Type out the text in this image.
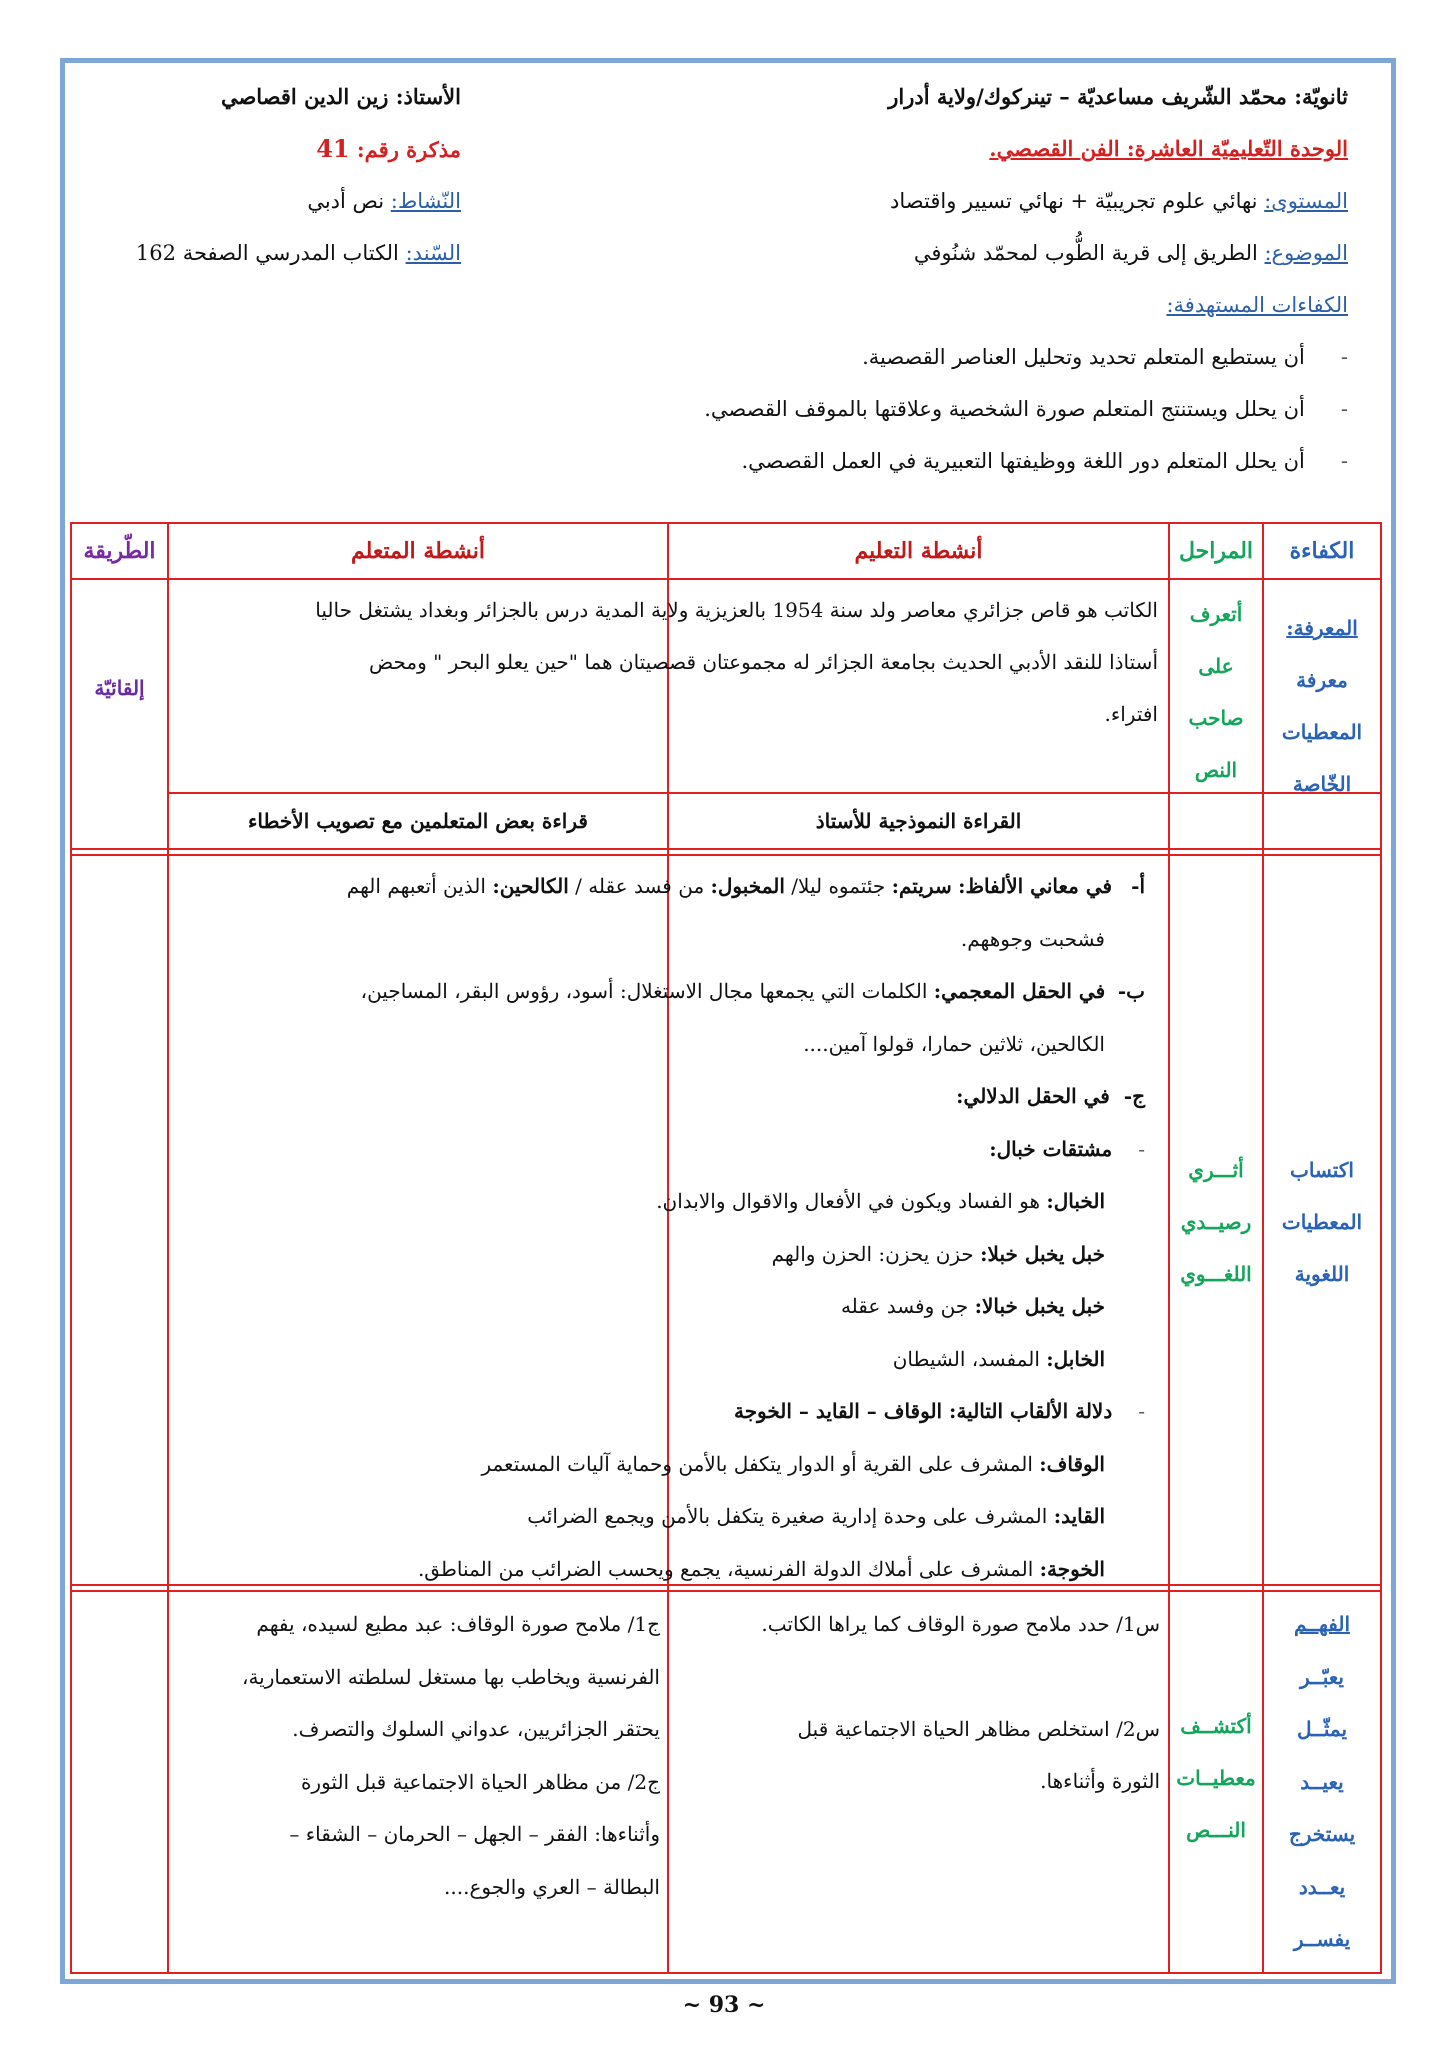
ثانويّة: محمّد الشّريف مساعديّة – تينركوك/ولاية أدرار
الأستاذ: زين الدين اقصاصي
الوحدة التّعليميّة العاشرة: الفن القصصي.
مذكرة رقم: 41
المستوى: نهائي علوم تجريبيّة + نهائي تسيير واقتصاد
النّشاط: نص أدبي
الموضوع: الطريق إلى قرية الطُّوب لمحمّد شنُوفي
السّند: الكتاب المدرسي الصفحة 162
الكفاءات المستهدفة:
-أن يستطيع المتعلم تحديد وتحليل العناصر القصصية.
-أن يحلل ويستنتج المتعلم صورة الشخصية وعلاقتها بالموقف القصصي.
-أن يحلل المتعلم دور اللغة ووظيفتها التعبيرية في العمل القصصي.
الكفاءة
المراحل
أنشطة التعليم
أنشطة المتعلم
الطّريقة
المعرفة:
معرفة
المعطيات
الخّاصة
أتعرف
على
صاحب
النص
الكاتب هو قاص جزائري معاصر ولد سنة 1954 بالعزيزية ولاية المدية درس بالجزائر وبغداد يشتغل حاليا
أستاذا للنقد الأدبي الحديث بجامعة الجزائر له مجموعتان قصصيتان هما "حين يعلو البحر " ومحض
افتراء.
إلقائيّة
القراءة النموذجية للأستاذ
قراءة بعض المتعلمين مع تصويب الأخطاء
اكتساب
المعطيات
اللغوية
أثـــري
رصيــدي
اللغـــوي
أ-   في معاني الألفاظ: سريتم: جئتموه ليلا/ المخبول: من فسد عقله / الكالحين: الذين أتعبهم الهم
فشحبت وجوههم.
ب-  في الحقل المعجمي: الكلمات التي يجمعها مجال الاستغلال: أسود، رؤوس البقر، المساجين،
الكالحين، ثلاثين حمارا، قولوا آمين....
ج-  في الحقل الدلالي:
-مشتقات خبال:
الخبال: هو الفساد ويكون في الأفعال والاقوال والابدان.
خبل يخبل خبلا: حزن يحزن: الحزن والهم
خبل يخبل خبالا: جن وفسد عقله
الخابل: المفسد، الشيطان
-دلالة الألقاب التالية: الوقاف – القايد – الخوجة
الوقاف: المشرف على القرية أو الدوار يتكفل بالأمن وحماية آليات المستعمر
القايد: المشرف على وحدة إدارية صغيرة يتكفل بالأمن ويجمع الضرائب
الخوجة: المشرف على أملاك الدولة الفرنسية، يجمع ويحسب الضرائب من المناطق.
الفهــم
يعبّــر
يمثّــل
يعيــد
يستخرج
يعــدد
يفســر
أكتشــف
معطيــات
النـــص
س1/ حدد ملامح صورة الوقاف كما يراها الكاتب.
س2/ استخلص مظاهر الحياة الاجتماعية قبل
الثورة وأثناءها.
ج1/ ملامح صورة الوقاف: عبد مطيع لسيده، يفهم
الفرنسية ويخاطب بها مستغل لسلطته الاستعمارية،
يحتقر الجزائريين، عدواني السلوك والتصرف.
ج2/ من مظاهر الحياة الاجتماعية قبل الثورة
وأثناءها: الفقر – الجهل – الحرمان – الشقاء –
البطالة – العري والجوع....
~ 93 ~
